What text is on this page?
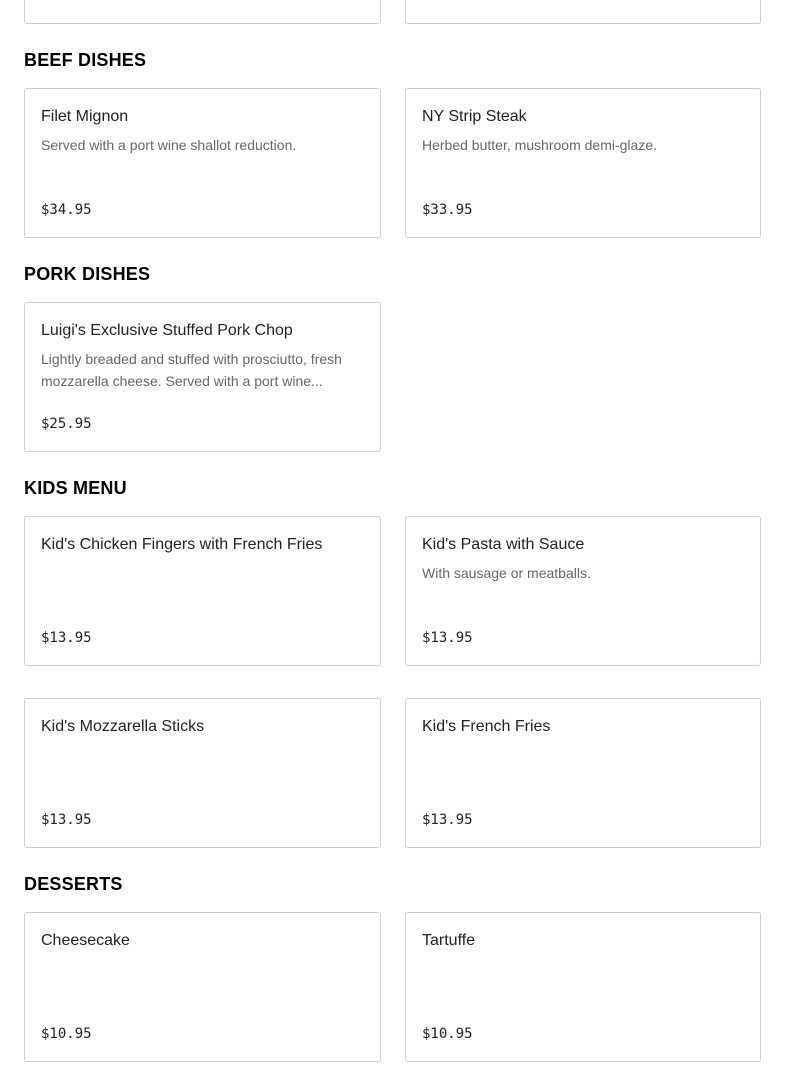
BEEF DISHES
Filet Mignon
Served with a port wine shallot reduction.
$34.95
NY Strip Steak
Herbed butter, mushroom demi-glaze.
$33.95
PORK DISHES
Luigi's Exclusive Stuffed Pork Chop
Lightly breaded and stuffed with prosciutto, fresh mozzarella cheese. Served with a port wine...
$25.95
KIDS MENU
Kid's Chicken Fingers with French Fries
$13.95
Kid's Pasta with Sauce
With sausage or meatballs.
$13.95
Kid's Mozzarella Sticks
$13.95
Kid's French Fries
$13.95
DESSERTS
Cheesecake
$10.95
Tartuffe
$10.95
